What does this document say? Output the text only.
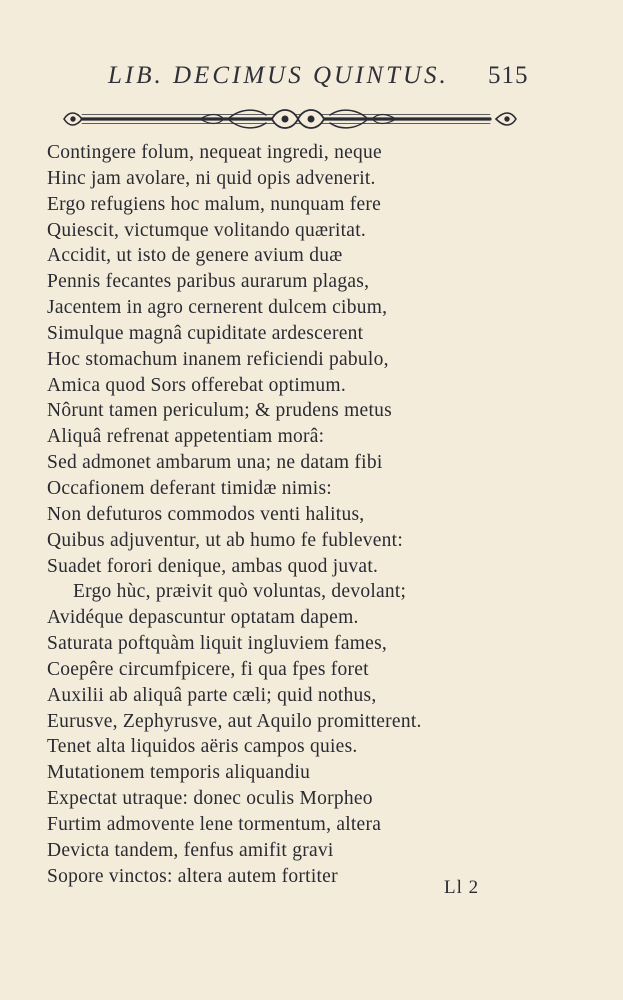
LIB. DECIMUS QUINTUS. 515
Contingere folum, nequeat ingredi, neque
Hinc jam avolare, ni quid opis advenerit.
Ergo refugiens hoc malum, nunquam fere
Quiescit, victumque volitando quæritat.
Accidit, ut isto de genere avium duæ
Pennis fecantes paribus aurarum plagas,
Jacentem in agro cernerent dulcem cibum,
Simulque magnâ cupiditate ardescerent
Hoc stomachum inanem reficiendi pabulo,
Amica quod Sors offerebat optimum.
Nôrunt tamen periculum; & prudens metus
Aliquâ refrenat appetentiam morâ:
Sed admonet ambarum una; ne datam fibi
Occafionem deferant timidæ nimis:
Non defuturos commodos venti halitus,
Quibus adjuventur, ut ab humo fe fublevent:
Suadet forori denique, ambas quod juvat.
Ergo hùc, præivit quò voluntas, devolant;
Avidéque depascuntur optatam dapem.
Saturata poftquàm liquit ingluviem fames,
Coepêre circumfpicere, fi qua fpes foret
Auxilii ab aliquâ parte cæli; quid nothus,
Eurusve, Zephyrusve, aut Aquilo promitterent.
Tenet alta liquidos aëris campos quies.
Mutationem temporis aliquandiu
Expectat utraque: donec oculis Morpheo
Furtim admovente lene tormentum, altera
Devicta tandem, fenfus amifit gravi
Sopore vinctos: altera autem fortiter
Ll 2
